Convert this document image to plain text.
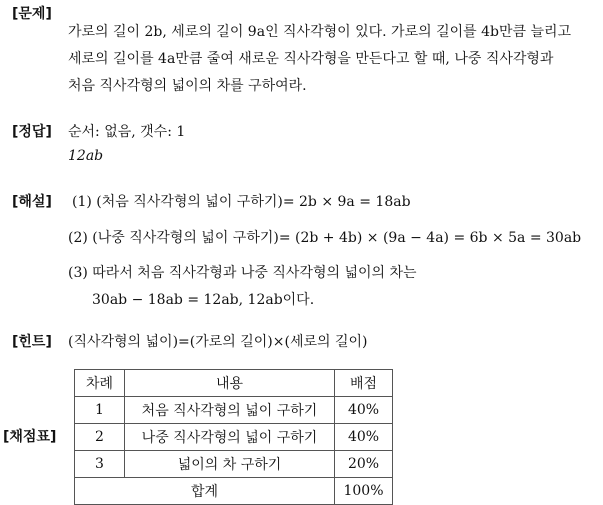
[문제]
가로의 길이 2b, 세로의 길이 9a인 직사각형이 있다. 가로의 길이를 4b만큼 늘리고
세로의 길이를 4a만큼 줄여 새로운 직사각형을 만든다고 할 때, 나중 직사각형과
처음 직사각형의 넓이의 차를 구하여라.
[정답] 순서: 없음, 갯수: 1
12ab
[해설] (1) (처음 직사각형의 넓이 구하기)= 2b × 9a = 18ab
(2) (나중 직사각형의 넓이 구하기)= (2b + 4b) × (9a − 4a) = 6b × 5a = 30ab
(3) 따라서 처음 직사각형과 나중 직사각형의 넓이의 차는
30ab − 18ab = 12ab, 12ab이다.
[힌트] (직사각형의 넓이)=(가로의 길이)×(세로의 길이)
[채점표]
차례	내용	배점
1	처음 직사각형의 넓이 구하기	40%
2	나중 직사각형의 넓이 구하기	40%
3	넓이의 차 구하기	20%
합계		100%
